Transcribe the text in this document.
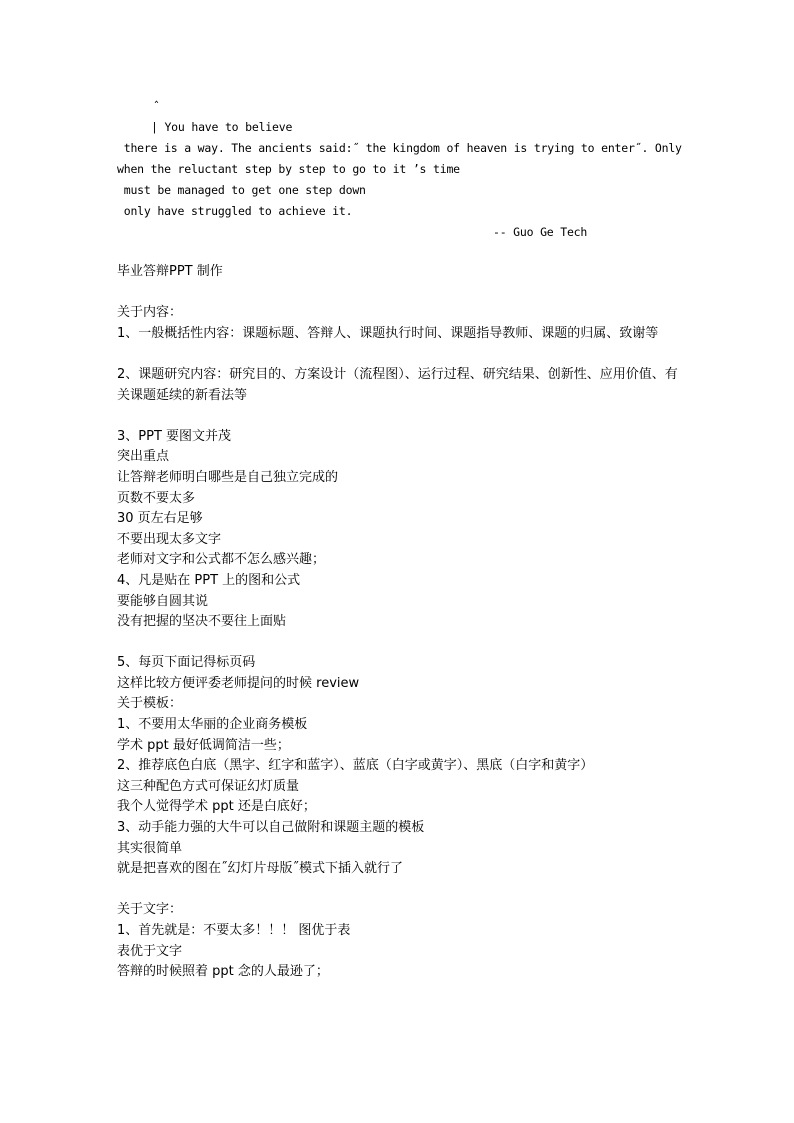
ˆ
| You have to believe
there is a way. The ancients said:˝ the kingdom of heaven is trying to enter˝. Only
when the reluctant step by step to go to it ’s time
must be managed to get one step down
only have struggled to achieve it.
-- Guo Ge Tech
毕业答辩PPT 制作
关于内容：
1、一般概括性内容：课题标题、答辩人、课题执行时间、课题指导教师、课题的归属、致谢等
2、课题研究内容：研究目的、方案设计（流程图）、运行过程、研究结果、创新性、应用价值、有关课题延续的新看法等
3、PPT 要图文并茂
突出重点
让答辩老师明白哪些是自己独立完成的
页数不要太多
30 页左右足够
不要出现太多文字
老师对文字和公式都不怎么感兴趣；
4、凡是贴在 PPT 上的图和公式
要能够自圆其说
没有把握的坚决不要往上面贴
5、每页下面记得标页码
这样比较方便评委老师提问的时候 review
关于模板：
1、不要用太华丽的企业商务模板
学术 ppt 最好低调简洁一些；
2、推荐底色白底（黑字、红字和蓝字）、蓝底（白字或黄字）、黑底（白字和黄字）
这三种配色方式可保证幻灯质量
我个人觉得学术 ppt 还是白底好；
3、动手能力强的大牛可以自己做附和课题主题的模板
其实很简单
就是把喜欢的图在˝幻灯片母版˝模式下插入就行了
关于文字：
1、首先就是：不要太多！！！ 图优于表
表优于文字
答辩的时候照着 ppt 念的人最逊了；
